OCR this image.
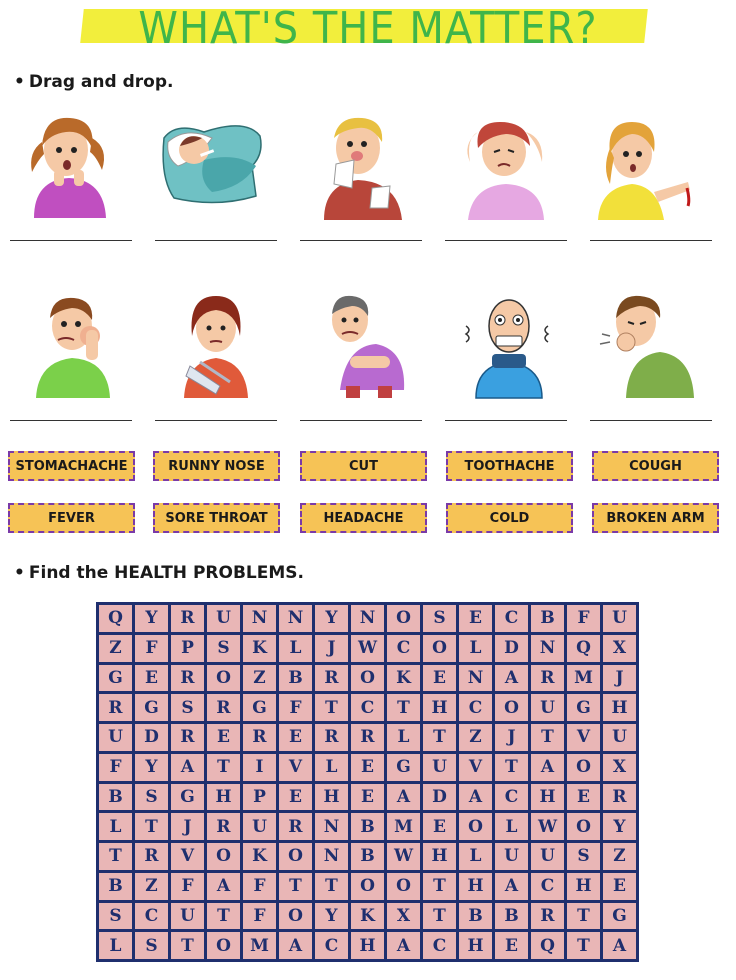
WHAT'S THE MATTER?
• Drag and drop.
STOMACHACHE	RUNNY NOSE	CUT	TOOTHACHE	COUGH
FEVER	SORE THROAT	HEADACHE	COLD	BROKEN ARM
• Find the HEALTH PROBLEMS.
Q	Y	R	U	N	N	Y	N	O	S	E	C	B	F	U
Z	F	P	S	K	L	J	W	C	O	L	D	N	Q	X
G	E	R	O	Z	B	R	O	K	E	N	A	R	M	J
R	G	S	R	G	F	T	C	T	H	C	O	U	G	H
U	D	R	E	R	E	R	R	L	T	Z	J	T	V	U
F	Y	A	T	I	V	L	E	G	U	V	T	A	O	X
B	S	G	H	P	E	H	E	A	D	A	C	H	E	R
L	T	J	R	U	R	N	B	M	E	O	L	W	O	Y
T	R	V	O	K	O	N	B	W	H	L	U	U	S	Z
B	Z	F	A	F	T	T	O	O	T	H	A	C	H	E
S	C	U	T	F	O	Y	K	X	T	B	B	R	T	G
L	S	T	O	M	A	C	H	A	C	H	E	Q	T	A
